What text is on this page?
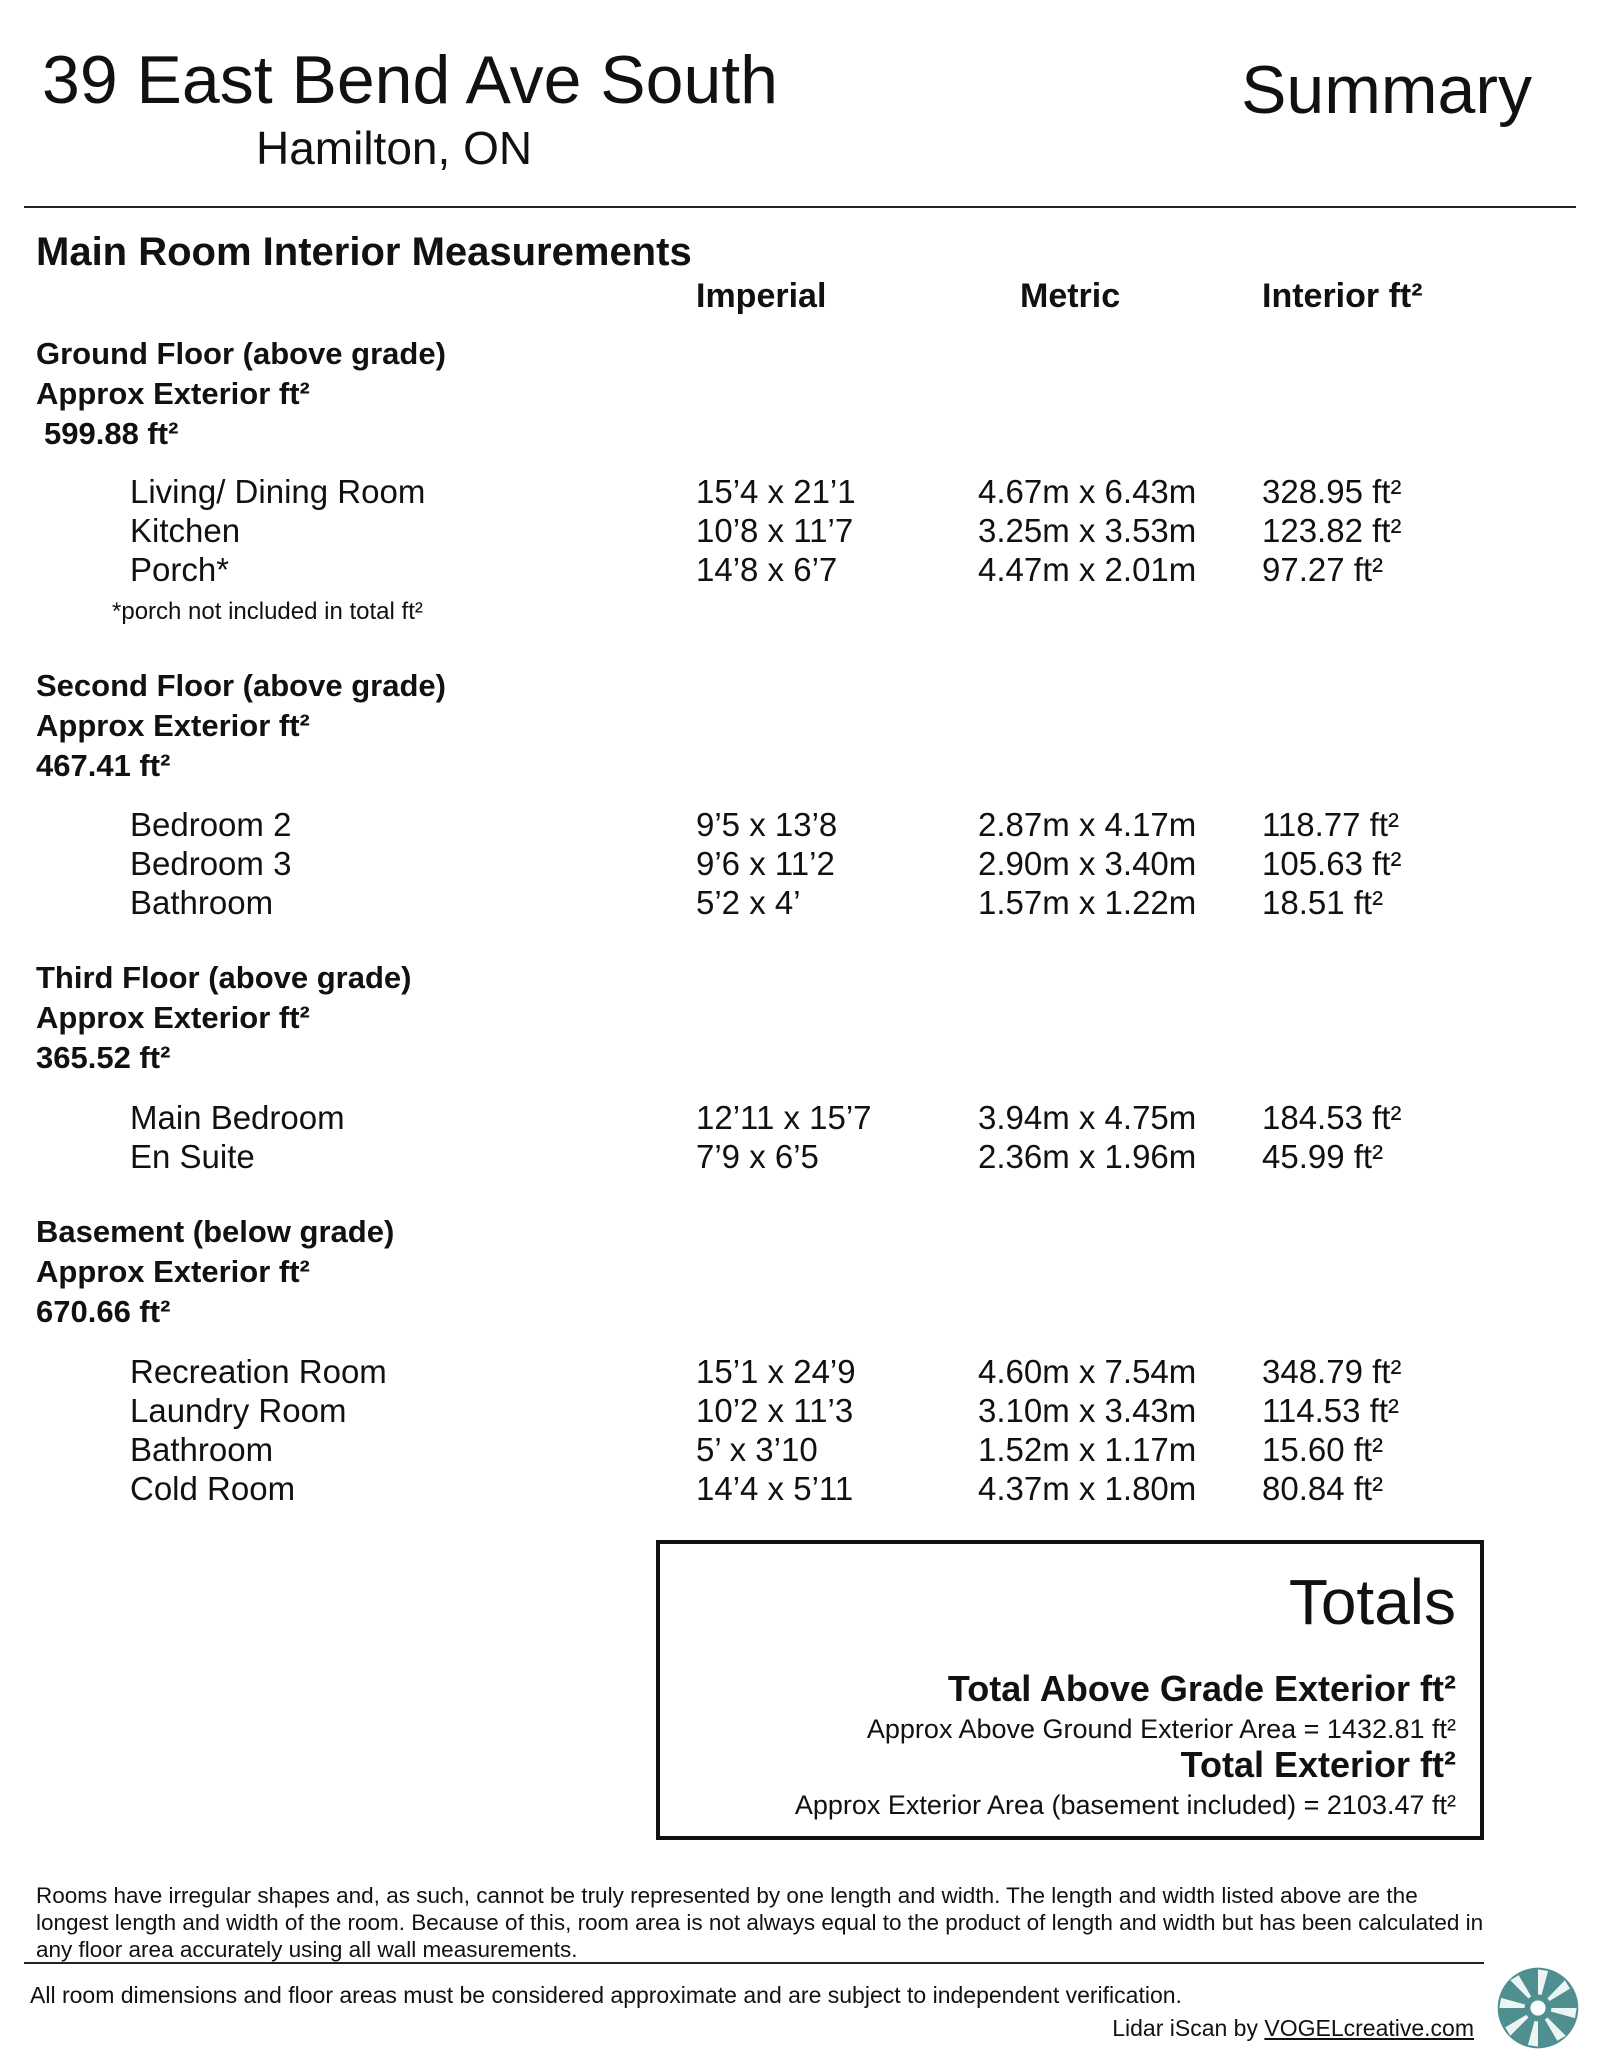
39 East Bend Ave South
Hamilton, ON
Summary
Main Room Interior Measurements
Imperial	Metric	Interior ft²
Ground Floor (above grade)
Approx Exterior ft²
599.88 ft²
Living/ Dining Room	15’4 x 21’1	4.67m x 6.43m 328.95 ft²
Kitchen	10’8 x 11’7	3.25m x 3.53m 123.82 ft²
Porch*	14’8 x 6’7	4.47m x 2.01m 97.27 ft²
*porch not included in total ft²
Second Floor (above grade)
Approx Exterior ft²
467.41 ft²
Bedroom 2	9’5 x 13’8	2.87m x 4.17m 118.77 ft²
Bedroom 3	9’6 x 11’2	2.90m x 3.40m 105.63 ft²
Bathroom	5’2 x 4’	1.57m x 1.22m 18.51 ft²
Third Floor (above grade)
Approx Exterior ft²
365.52 ft²
Main Bedroom	12’11 x 15’7	3.94m x 4.75m 184.53 ft²
En Suite	7’9 x 6’5	2.36m x 1.96m 45.99 ft²
Basement (below grade)
Approx Exterior ft²
670.66 ft²
Recreation Room	15’1 x 24’9	4.60m x 7.54m 348.79 ft²
Laundry Room	10’2 x 11’3	3.10m x 3.43m 114.53 ft²
Bathroom	5’ x 3’10	1.52m x 1.17m 15.60 ft²
Cold Room	14’4 x 5’11	4.37m x 1.80m 80.84 ft²
Totals
Total Above Grade Exterior ft²
Approx Above Ground Exterior Area = 1432.81 ft²
Total Exterior ft²
Approx Exterior Area (basement included) = 2103.47 ft²
Rooms have irregular shapes and, as such, cannot be truly represented by one length and width. The length and width listed above are the longest length and width of the room. Because of this, room area is not always equal to the product of length and width but has been calculated in any floor area accurately using all wall measurements.
All room dimensions and floor areas must be considered approximate and are subject to independent verification.
Lidar iScan by VOGELcreative.com
